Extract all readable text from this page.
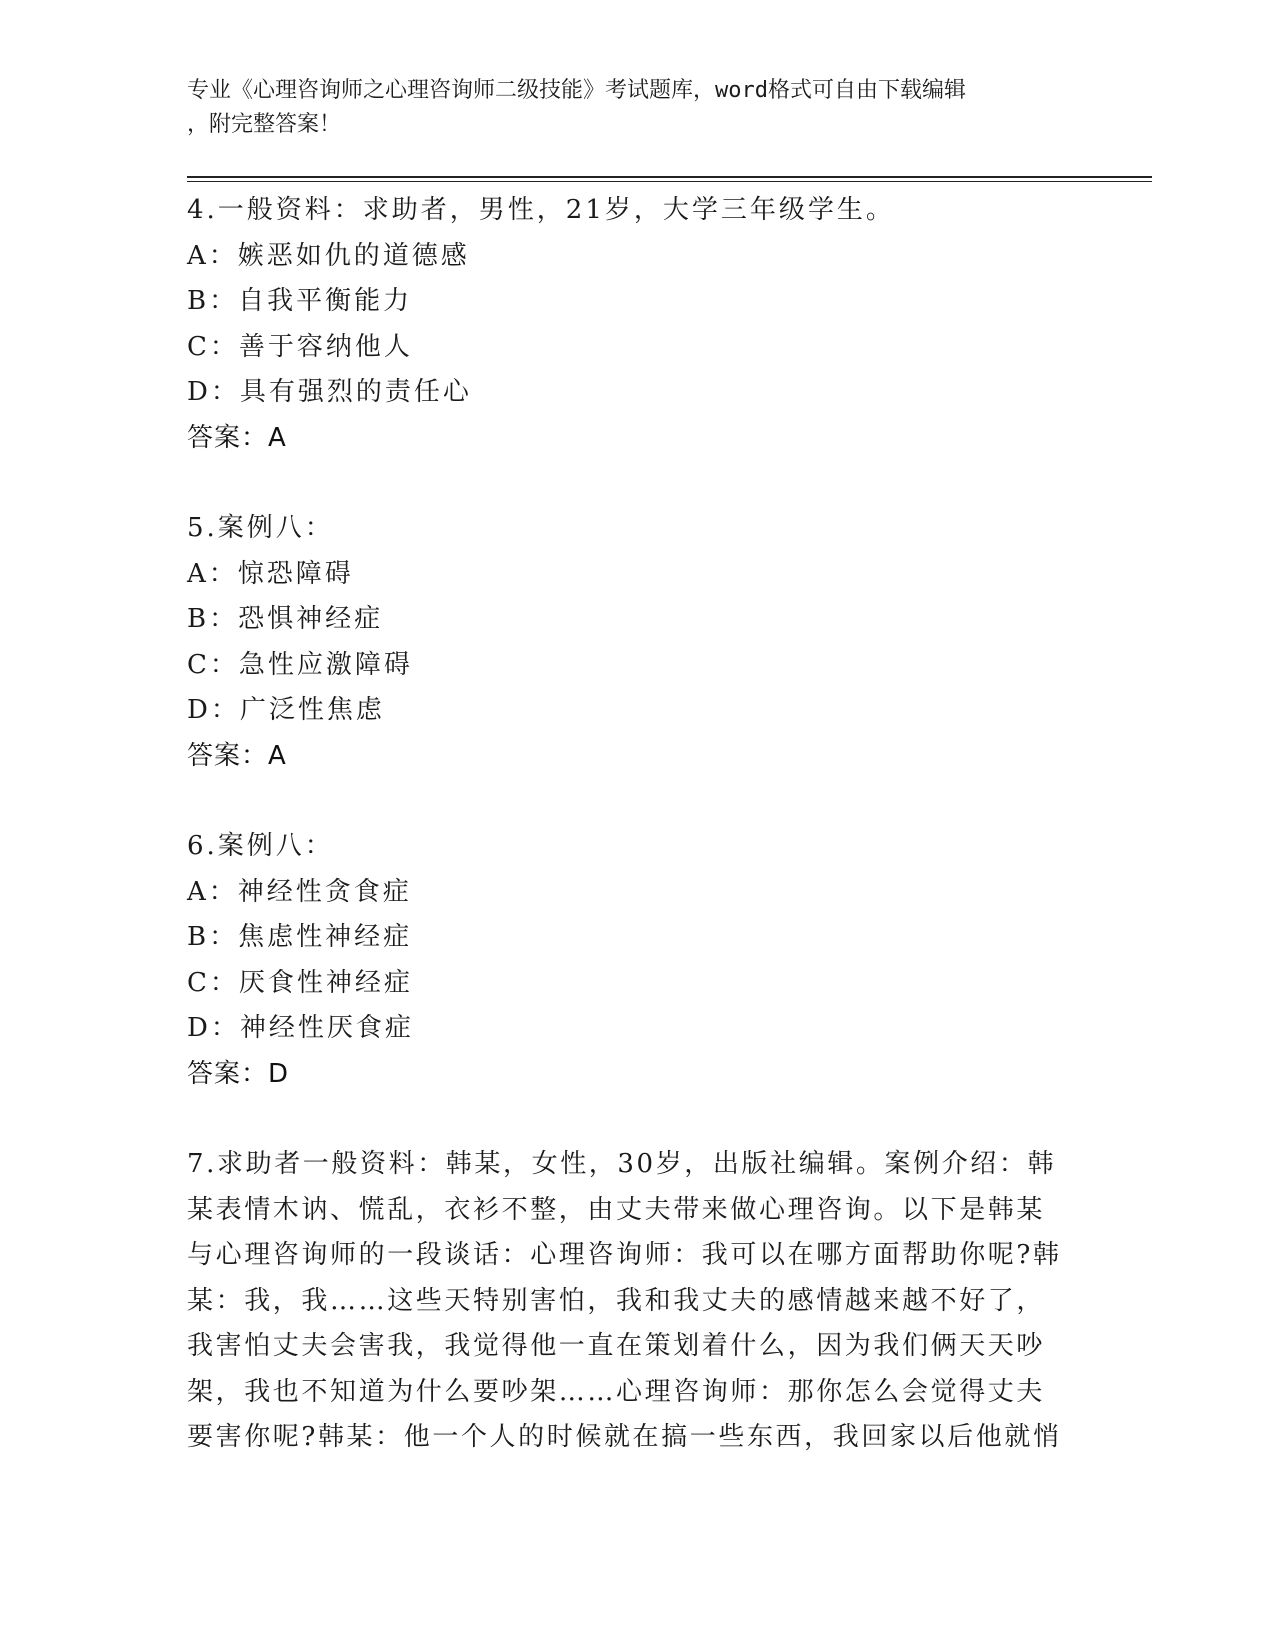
专业《心理咨询师之心理咨询师二级技能》考试题库，word格式可自由下载编辑
，附完整答案！
4.一般资料：求助者，男性，21岁，大学三年级学生。
A：嫉恶如仇的道德感
B：自我平衡能力
C：善于容纳他人
D：具有强烈的责任心
答案：A
5.案例八：
A：惊恐障碍
B：恐惧神经症
C：急性应激障碍
D：广泛性焦虑
答案：A
6.案例八：
A：神经性贪食症
B：焦虑性神经症
C：厌食性神经症
D：神经性厌食症
答案：D
7.求助者一般资料：韩某，女性，30岁，出版社编辑。案例介绍：韩
某表情木讷、慌乱，衣衫不整，由丈夫带来做心理咨询。以下是韩某
与心理咨询师的一段谈话：心理咨询师：我可以在哪方面帮助你呢?韩
某：我，我……这些天特别害怕，我和我丈夫的感情越来越不好了，
我害怕丈夫会害我，我觉得他一直在策划着什么，因为我们俩天天吵
架，我也不知道为什么要吵架……心理咨询师：那你怎么会觉得丈夫
要害你呢?韩某：他一个人的时候就在搞一些东西，我回家以后他就悄
